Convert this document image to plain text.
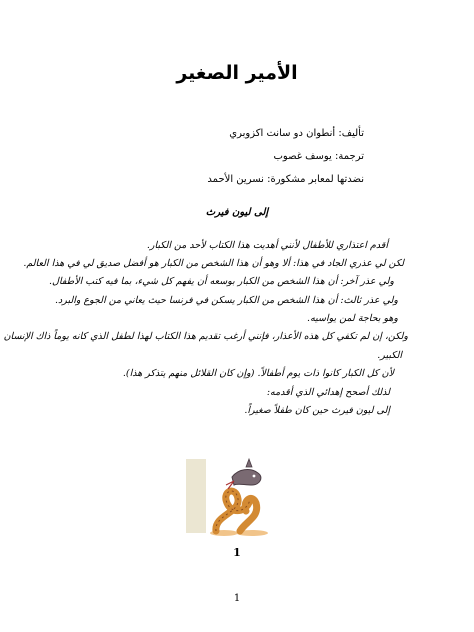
الأمير الصغير
تأليف: أنطوان دو سانت اكزوبري
ترجمة: يوسف غصوب
نضدتها لمعابر مشكورة: نسرين الأحمد
إلى ليون فيرث
أقدم اعتذاري للأطفال لأنني أهديت هذا الكتاب لأحد من الكبار.
لكن لي عذري الجاد في هذا: ألا وهو أن هذا الشخص من الكبار هو أفضل صديق لي في هذا العالم.
ولي عذر آخر: أن هذا الشخص من الكبار بوسعه أن يفهم كل شيء، بما فيه كتب الأطفال.
ولي عذر ثالث: أن هذا الشخص من الكبار يسكن في فرنسا حيث يعاني من الجوع والبرد.
وهو بحاجة لمن يواسيه.
ولكن، إن لم تكفي كل هذه الأعذار، فإنني أرغب تقديم هذا الكتاب لهذا لطفل الذي كانه يوماً ذاك الإنسان
الكبير.
لأن كل الكبار كانوا ذات يوم أطفالاً. (وإن كان القلائل منهم يتذكر هذا).
لذلك أصحح إهدائي الذي أقدمه:
إلى ليون فيرث حين كان طفلاً صغيراً.
1
1
